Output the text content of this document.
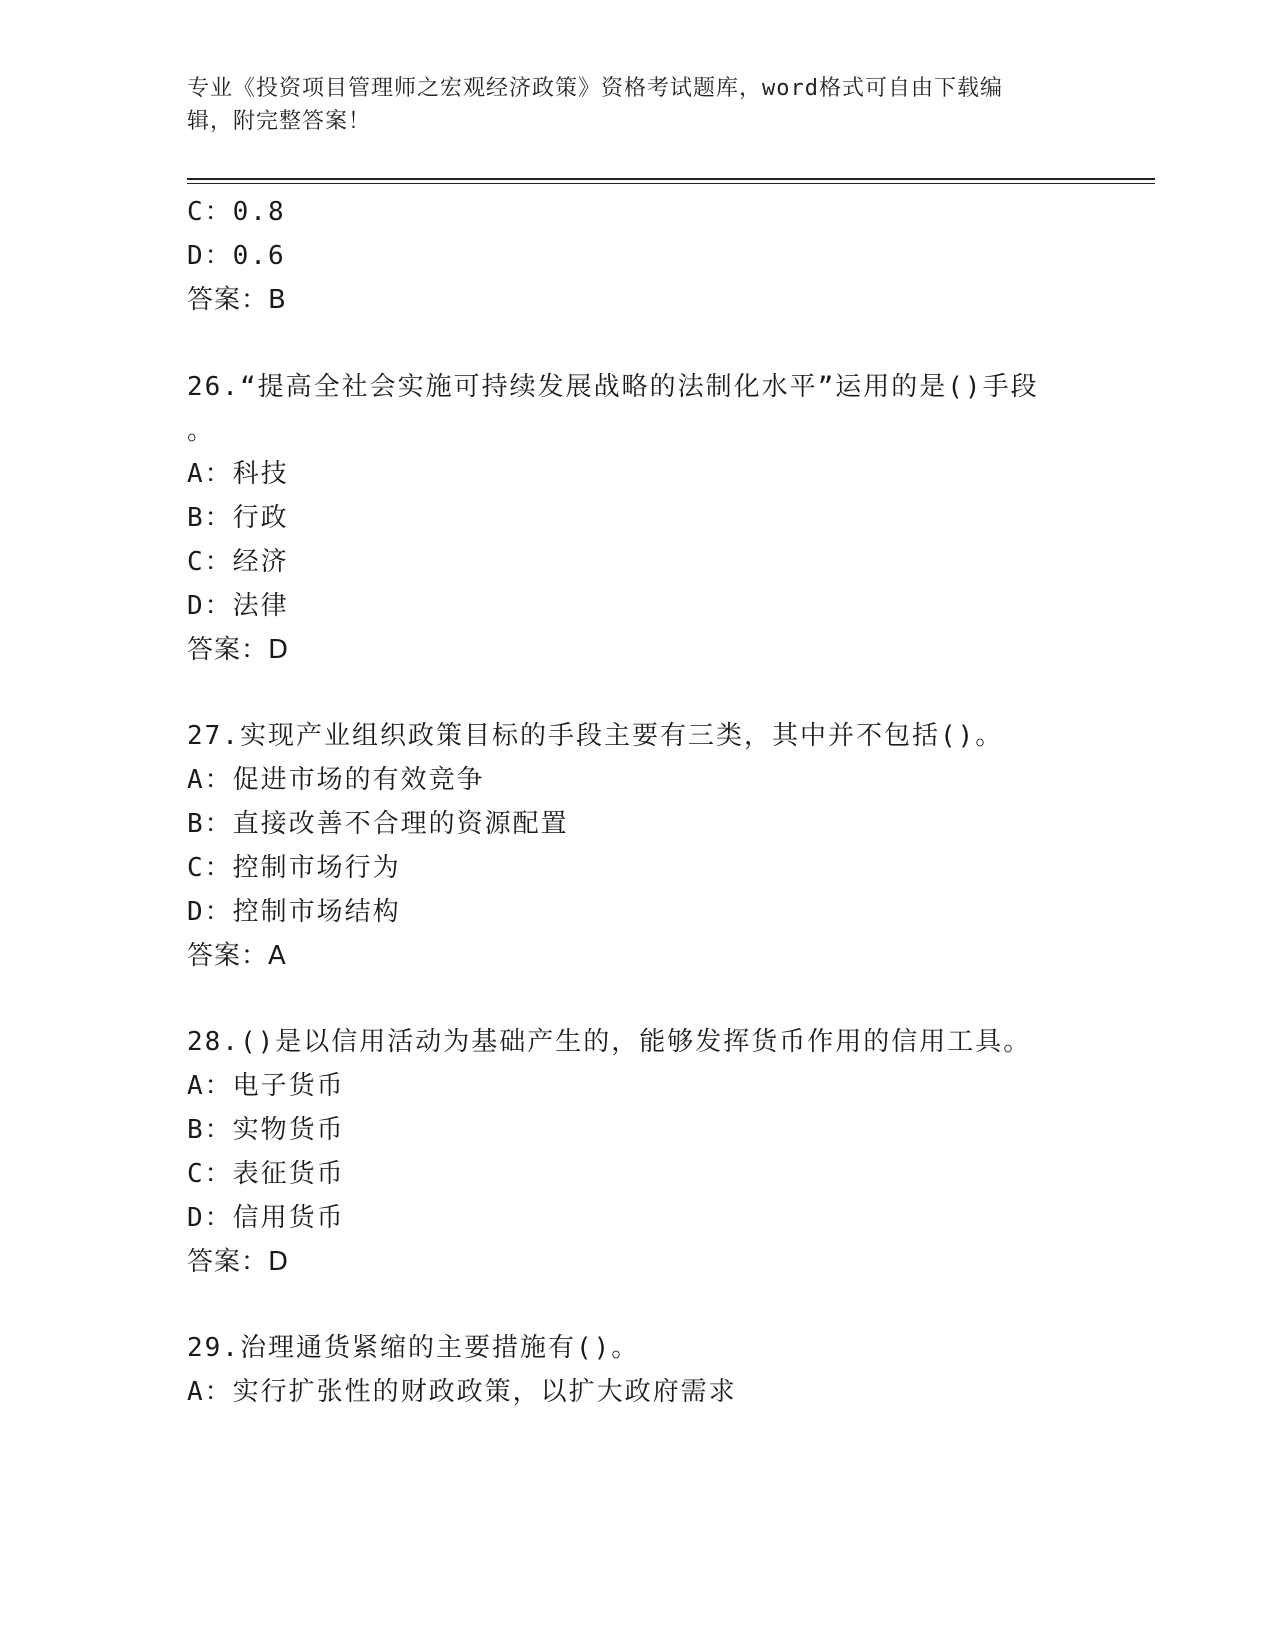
专业《投资项目管理师之宏观经济政策》资格考试题库，word格式可自由下载编
辑，附完整答案！
C：0.8
D：0.6
答案：B
26.“提高全社会实施可持续发展战略的法制化水平”运用的是()手段
。
A：科技
B：行政
C：经济
D：法律
答案：D
27.实现产业组织政策目标的手段主要有三类，其中并不包括()。
A：促进市场的有效竞争
B：直接改善不合理的资源配置
C：控制市场行为
D：控制市场结构
答案：A
28.()是以信用活动为基础产生的，能够发挥货币作用的信用工具。
A：电子货币
B：实物货币
C：表征货币
D：信用货币
答案：D
29.治理通货紧缩的主要措施有()。
A：实行扩张性的财政政策，以扩大政府需求
